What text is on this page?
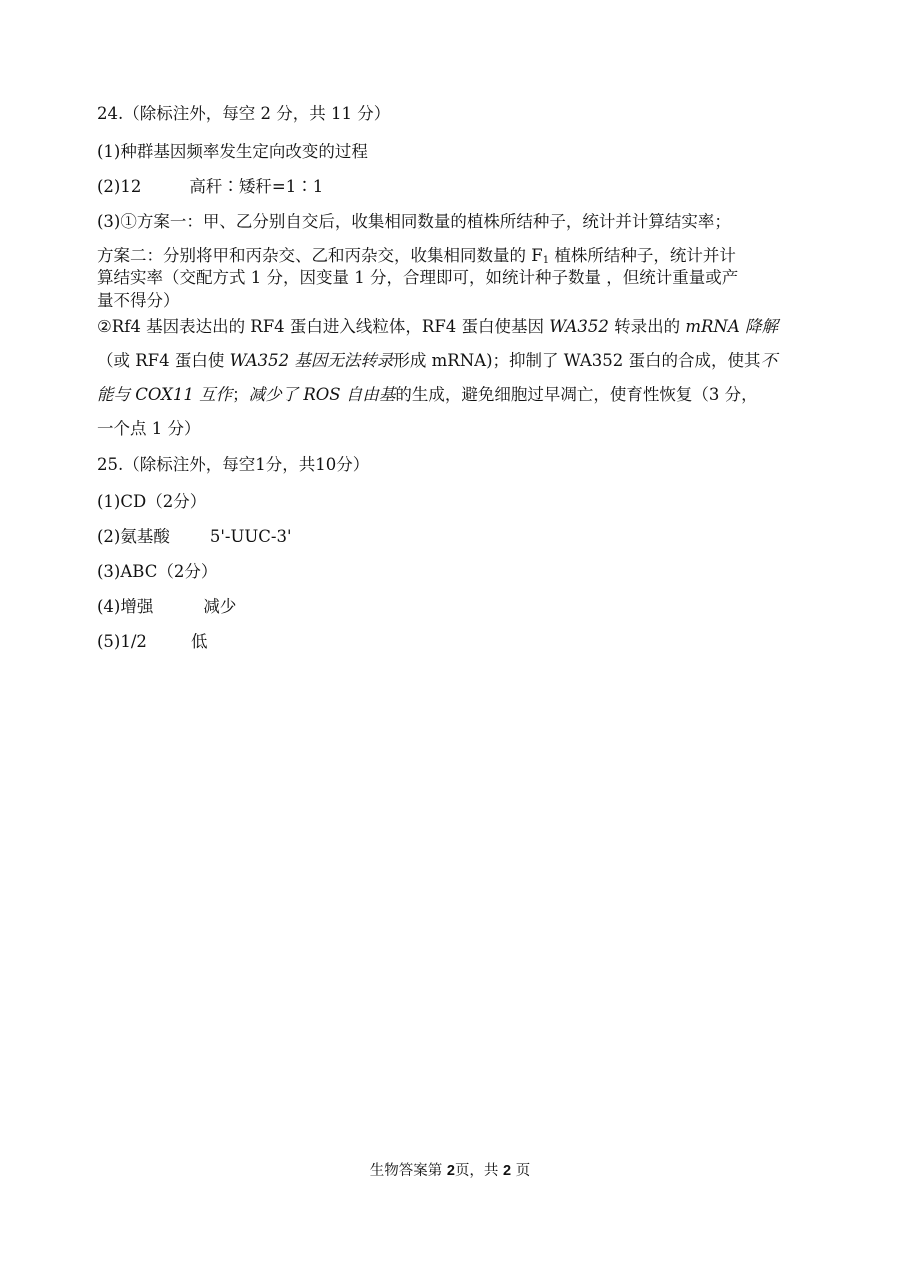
24.（除标注外，每空 2 分，共 11 分）
(1)种群基因频率发生定向改变的过程
(2)12	高秆∶矮秆=1∶1
(3)①方案一：甲、乙分别自交后，收集相同数量的植株所结种子，统计并计算结实率；
方案二：分别将甲和丙杂交、乙和丙杂交，收集相同数量的 $F_1$ 植株所结种子，统计并计
算结实率（交配方式 1 分，因变量 1 分，合理即可，如统计种子数量 ，但统计重量或产
量不得分）
②Rf4 基因表达出的 RF4 蛋白进入线粒体，RF4 蛋白使基因 WA352 转录出的 mRNA 降解
（或 RF4 蛋白使 WA352 基因无法转录形成 mRNA)；抑制了 WA352 蛋白的合成，使其不
能与 COX11 互作；减少了 ROS 自由基的生成，避免细胞过早凋亡，使育性恢复（3 分，
一个点 1 分）
25.（除标注外，每空1分，共10分）
(1)CD（2分）
(2)氨基酸 5'-UUC-3'
(3)ABC（2分）
(4)增强	减少
(5)1/2	低
生物答案第 2页，共 2 页
